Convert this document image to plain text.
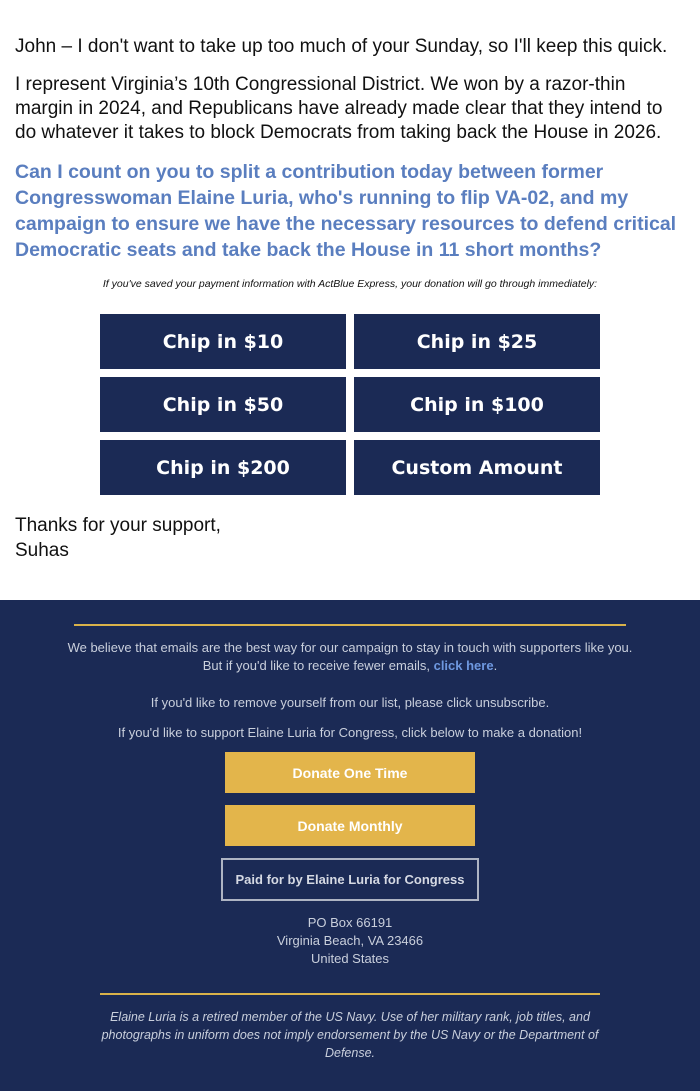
John – I don't want to take up too much of your Sunday, so I'll keep this quick.

I represent Virginia’s 10th Congressional District. We won by a razor-thin margin in 2024, and Republicans have already made clear that they intend to do whatever it takes to block Democrats from taking back the House in 2026.

Can I count on you to split a contribution today between former Congresswoman Elaine Luria, who's running to flip VA-02, and my campaign to ensure we have the necessary resources to defend critical Democratic seats and take back the House in 11 short months?

If you've saved your payment information with ActBlue Express, your donation will go through immediately:

Chip in $10	Chip in $25
Chip in $50	Chip in $100
Chip in $200	Custom Amount

Thanks for your support,
Suhas

We believe that emails are the best way for our campaign to stay in touch with supporters like you. But if you'd like to receive fewer emails, click here.

If you'd like to remove yourself from our list, please click unsubscribe.

If you'd like to support Elaine Luria for Congress, click below to make a donation!

Donate One Time
Donate Monthly
Paid for by Elaine Luria for Congress

PO Box 66191
Virginia Beach, VA 23466
United States

Elaine Luria is a retired member of the US Navy. Use of her military rank, job titles, and photographs in uniform does not imply endorsement by the US Navy or the Department of Defense.
